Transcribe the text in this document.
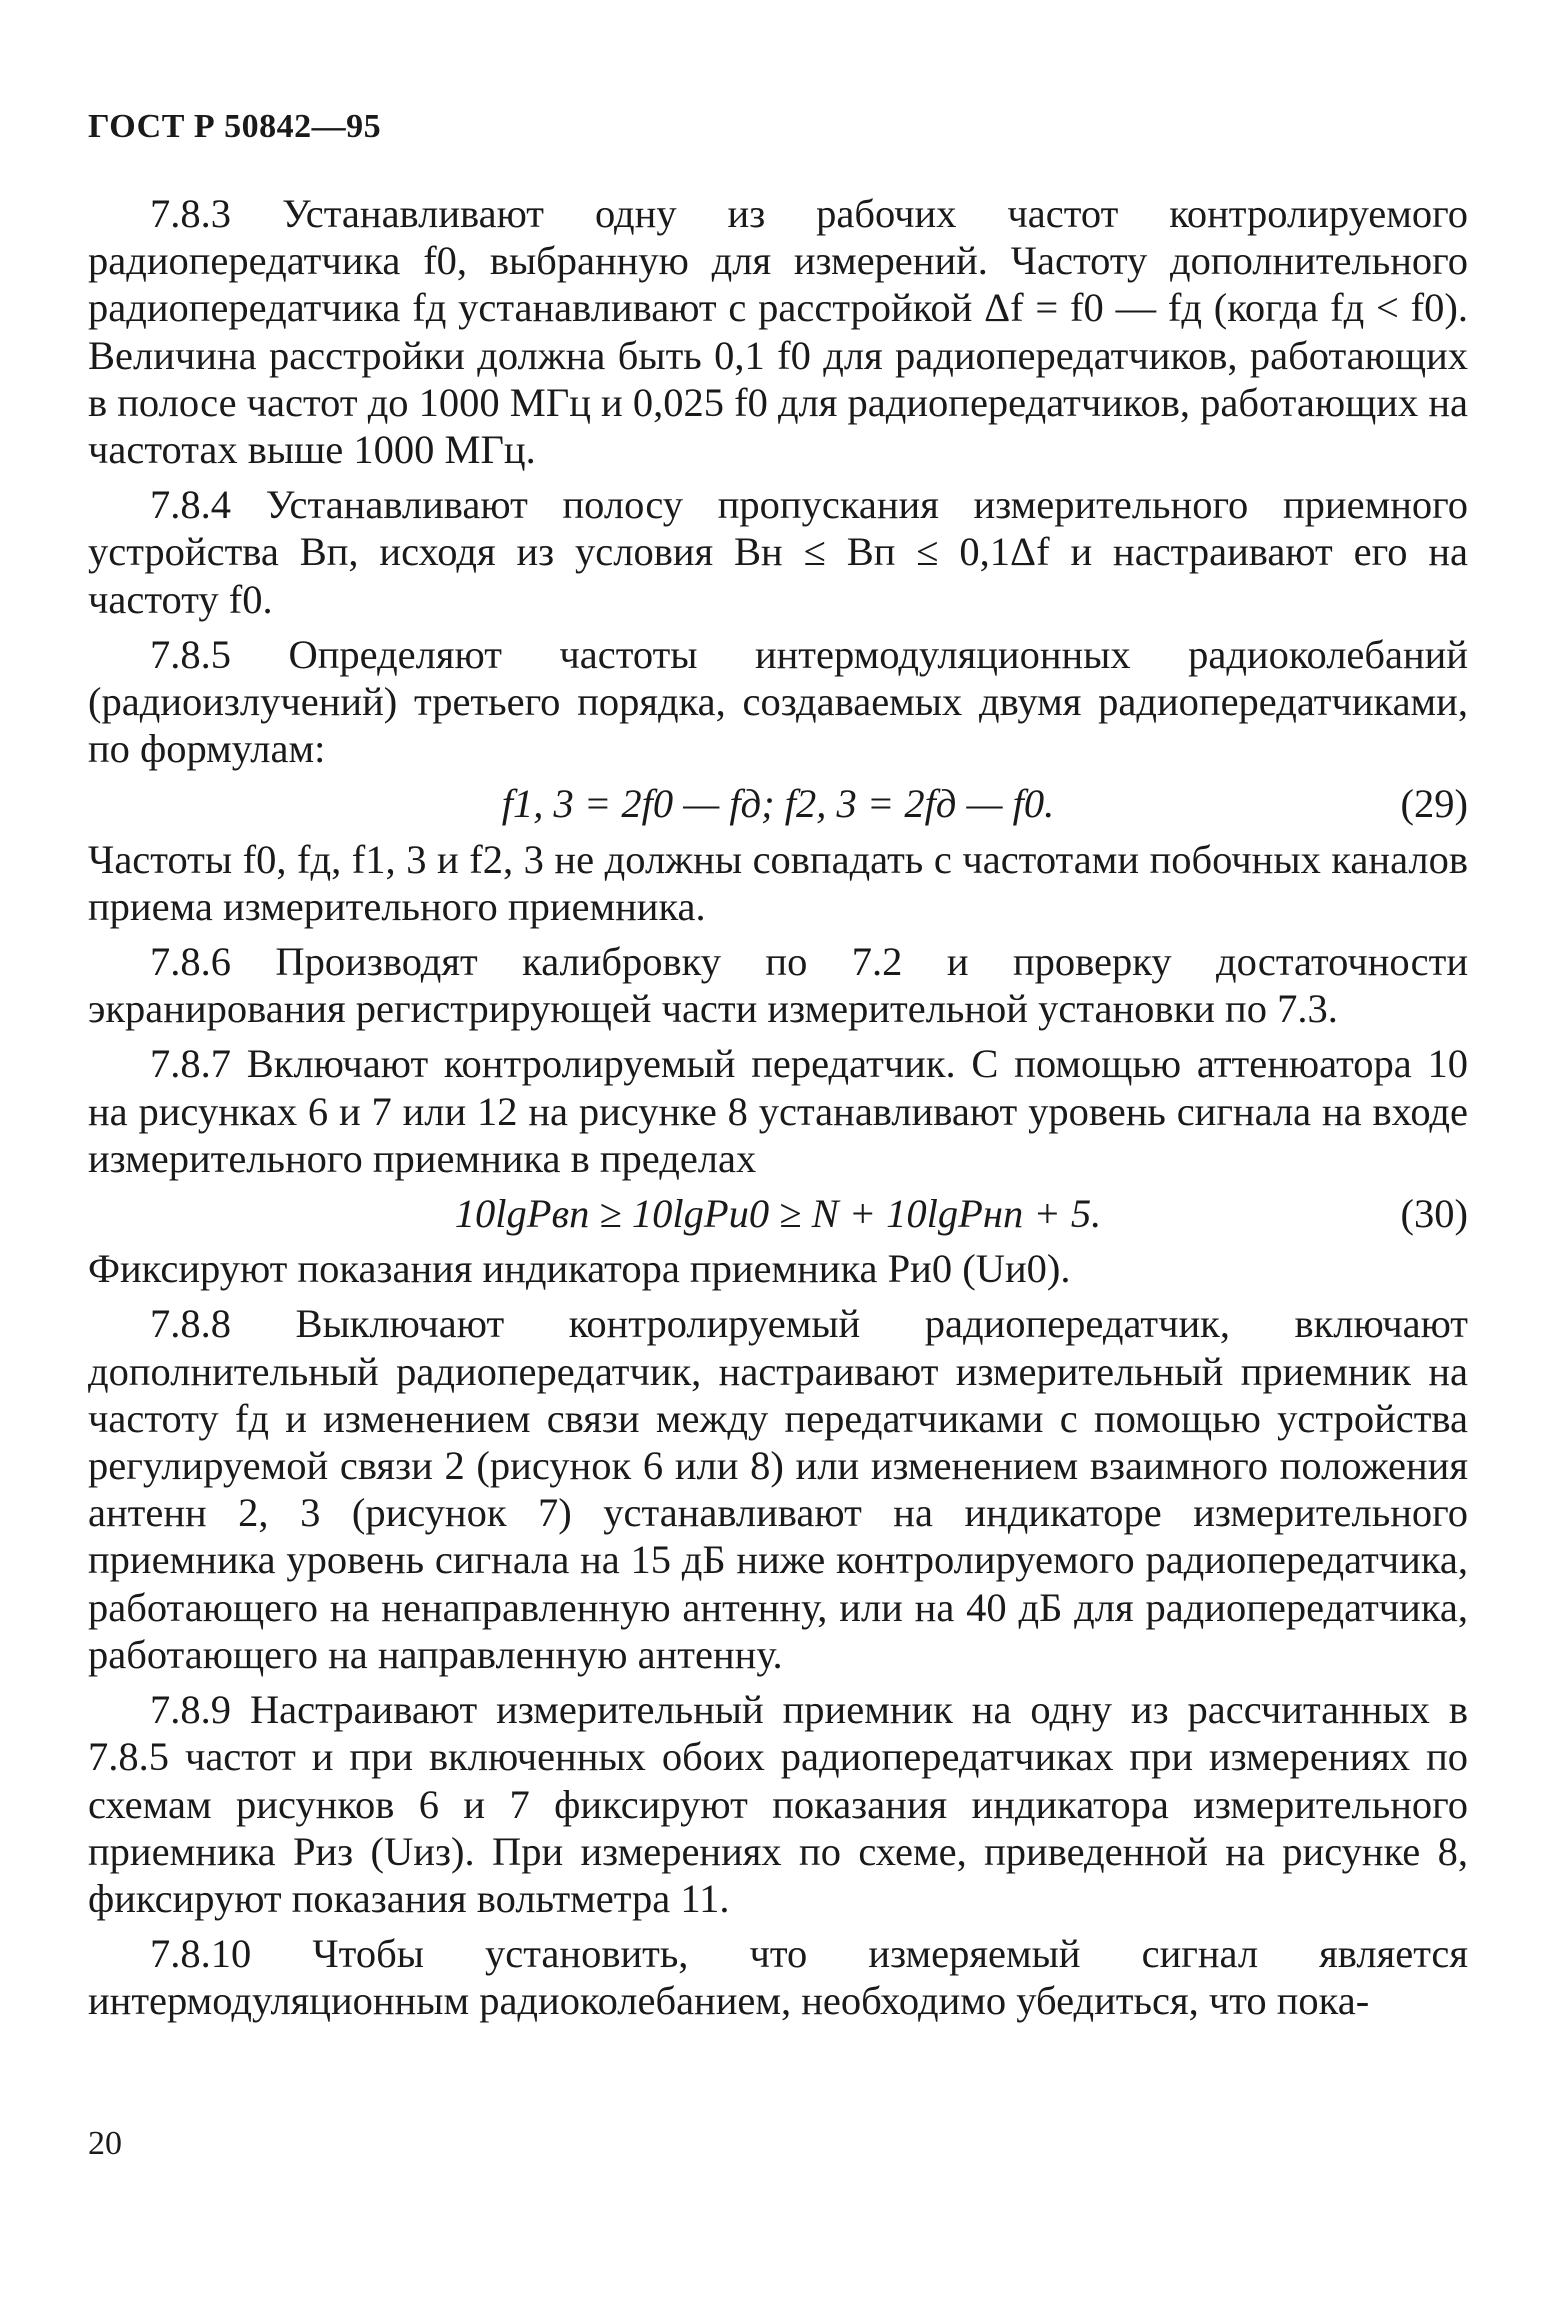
ГОСТ Р 50842—95

7.8.3 Устанавливают одну из рабочих частот контролируемого радиопередатчика f0, выбранную для измерений. Частоту дополнительного радиопередатчика fд устанавливают с расстройкой Δf = f0 — fд (когда fд < f0). Величина расстройки должна быть 0,1 f0 для радиопередатчиков, работающих в полосе частот до 1000 МГц и 0,025 f0 для радиопередатчиков, работающих на частотах выше 1000 МГц.

7.8.4 Устанавливают полосу пропускания измерительного приемного устройства Bп, исходя из условия Bн ≤ Bп ≤ 0,1Δf и настраивают его на частоту f0.

7.8.5 Определяют частоты интермодуляционных радиоколебаний (радиоизлучений) третьего порядка, создаваемых двумя радиопередатчиками, по формулам:

f1, 3 = 2f0 — fд; f2, 3 = 2fд — f0.	(29)

Частоты f0, fд, f1, 3 и f2, 3 не должны совпадать с частотами побочных каналов приема измерительного приемника.

7.8.6 Производят калибровку по 7.2 и проверку достаточности экранирования регистрирующей части измерительной установки по 7.3.

7.8.7 Включают контролируемый передатчик. С помощью аттенюатора 10 на рисунках 6 и 7 или 12 на рисунке 8 устанавливают уровень сигнала на входе измерительного приемника в пределах

10lgPвп ≥ 10lgPи0 ≥ N + 10lgPнп + 5.	(30)

Фиксируют показания индикатора приемника Pи0 (Uи0).

7.8.8 Выключают контролируемый радиопередатчик, включают дополнительный радиопередатчик, настраивают измерительный приемник на частоту fд и изменением связи между передатчиками с помощью устройства регулируемой связи 2 (рисунок 6 или 8) или изменением взаимного положения антенн 2, 3 (рисунок 7) устанавливают на индикаторе измерительного приемника уровень сигнала на 15 дБ ниже контролируемого радиопередатчика, работающего на ненаправленную антенну, или на 40 дБ для радиопередатчика, работающего на направленную антенну.

7.8.9 Настраивают измерительный приемник на одну из рассчитанных в 7.8.5 частот и при включенных обоих радиопередатчиках при измерениях по схемам рисунков 6 и 7 фиксируют показания индикатора измерительного приемника Pиз (Uиз). При измерениях по схеме, приведенной на рисунке 8, фиксируют показания вольтметра 11.

7.8.10 Чтобы установить, что измеряемый сигнал является интермодуляционным радиоколебанием, необходимо убедиться, что пока-

20
